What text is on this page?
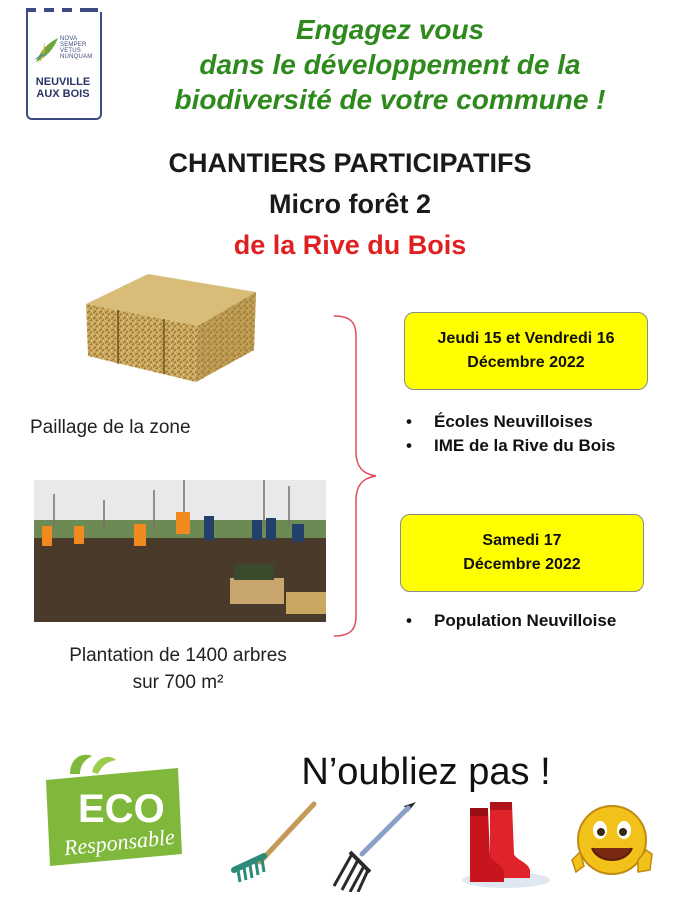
NOVA
SEMPER
VETUS
NUNQUAM
NEUVILLE
AUX BOIS
Engagez vous
dans le développement de la
biodiversité de votre commune !
CHANTIERS PARTICIPATIFS
Micro forêt 2
de la Rive du Bois
Paillage de la zone
Plantation de 1400 arbres
sur 700 m²
Jeudi 15 et Vendredi 16
Décembre 2022
• Écoles Neuvilloises
• IME de la Rive du Bois
Samedi 17
Décembre 2022
• Population Neuvilloise
ECO
Responsable
N’oubliez pas !
